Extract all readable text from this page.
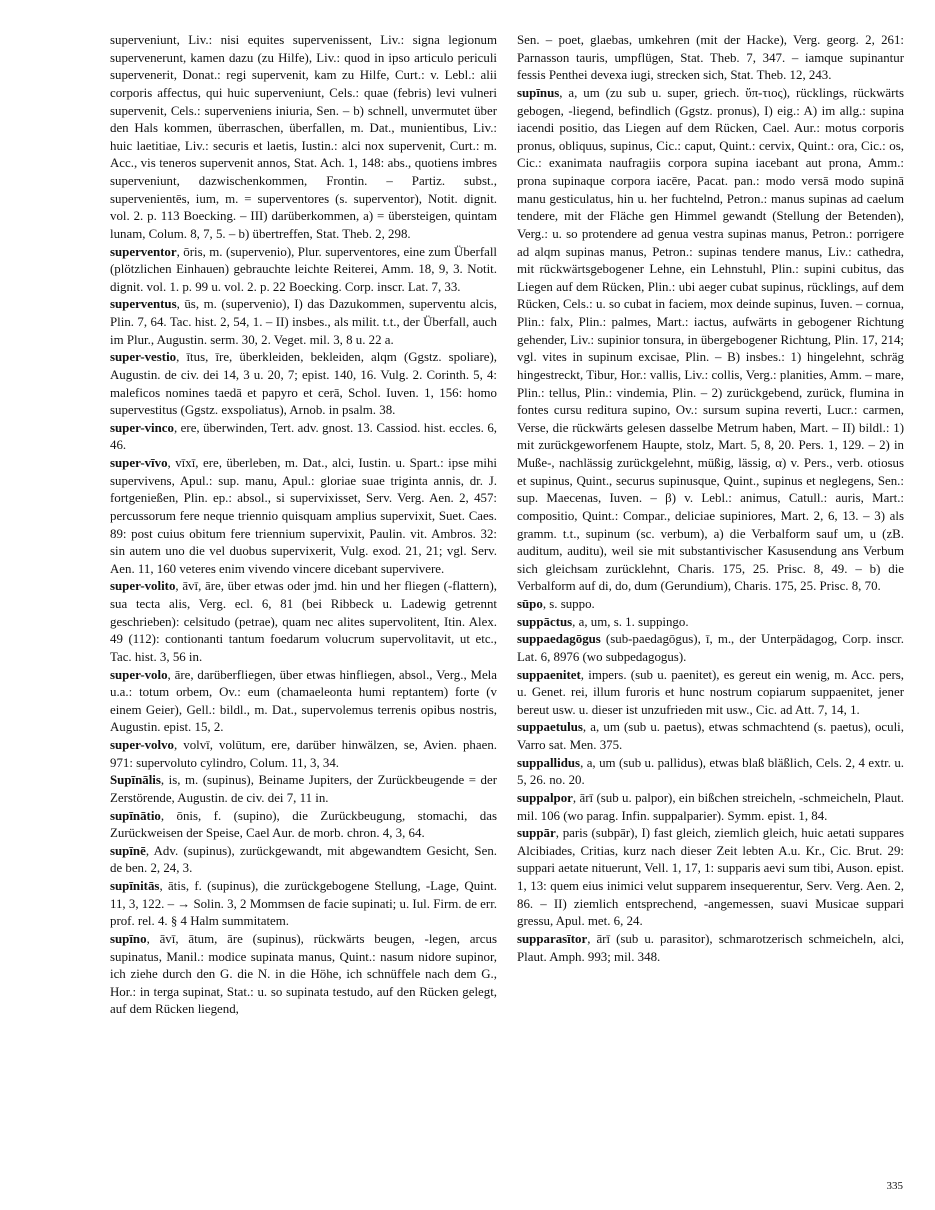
superveniunt, Liv.: nisi equites supervenissent, Liv.: signa legionum supervenerunt, kamen dazu (zu Hilfe), Liv.: quod in ipso articulo periculi supervenerit, Donat.: regi supervenit, kam zu Hilfe, Curt.: v. Lebl.: alii corporis affectus, qui huic superveniunt, Cels.: quae (febris) levi vulneri supervenit, Cels.: superveniens iniuria, Sen. – b) schnell, unvermutet über den Hals kommen, überraschen, überfallen, m. Dat., munientibus, Liv.: huic laetitiae, Liv.: securis et laetis, Iustin.: alci nox supervenit, Curt.: m. Acc., vis teneros supervenit annos, Stat. Ach. 1, 148: abs., quotiens imbres superveniunt, dazwischenkommen, Frontin. – Partiz. subst., supervenientēs, ium, m. = superventores (s. superventor), Notit. dignit. vol. 2. p. 113 Boecking. – III) darüberkommen, a) = übersteigen, quintam lunam, Colum. 8, 7, 5. – b) übertreffen, Stat. Theb. 2, 298.

superventor, ōris, m. (supervenio), Plur. superventores, eine zum Überfall (plötzlichen Einhauen) gebrauchte leichte Reiterei, Amm. 18, 9, 3. Notit. dignit. vol. 1. p. 99 u. vol. 2. p. 22 Boecking. Corp. inscr. Lat. 7, 33.

superventus, ūs, m. (supervenio), I) das Dazukommen, superventu alcis, Plin. 7, 64. Tac. hist. 2, 54, 1. – II) insbes., als milit. t.t., der Überfall, auch im Plur., Augustin. serm. 30, 2. Veget. mil. 3, 8 u. 22 a.

super-vestio, ītus, īre, überkleiden, bekleiden, alqm (Ggstz. spoliare), Augustin. de civ. dei 14, 3 u. 20, 7; epist. 140, 16. Vulg. 2. Corinth. 5, 4: maleficos nomines taedā et papyro et cerā, Schol. Iuven. 1, 156: homo supervestitus (Ggstz. exspoliatus), Arnob. in psalm. 38.

super-vinco, ere, überwinden, Tert. adv. gnost. 13. Cassiod. hist. eccles. 6, 46.

super-vīvo, vīxī, ere, überleben, m. Dat., alci, Iustin. u. Spart.: ipse mihi supervivens, Apul.: sup. manu, Apul.: gloriae suae triginta annis, dr. J. fortgenießen, Plin. ep.: absol., si supervixisset, Serv. Verg. Aen. 2, 457: percussorum fere neque triennio quisquam amplius supervixit, Suet. Caes. 89: post cuius obitum fere triennium supervixit, Paulin. vit. Ambros. 32: sin autem uno die vel duobus supervixerit, Vulg. exod. 21, 21; vgl. Serv. Aen. 11, 160 veteres enim vivendo vincere dicebant supervivere.

super-volito, āvī, āre, über etwas oder jmd. hin und her fliegen (-flattern), sua tecta alis, Verg. ecl. 6, 81 (bei Ribbeck u. Ladewig getrennt geschrieben): celsitudo (petrae), quam nec alites supervolitent, Itin. Alex. 49 (112): contionanti tantum foedarum volucrum supervolitavit, ut etc., Tac. hist. 3, 56 in.

super-volo, āre, darüberfliegen, über etwas hinfliegen, absol., Verg., Mela u.a.: totum orbem, Ov.: eum (chamaeleonta humi reptantem) forte (v einem Geier), Gell.: bildl., m. Dat., supervolemus terrenis opibus nostris, Augustin. epist. 15, 2.

super-volvo, volvī, volūtum, ere, darüber hinwälzen, se, Avien. phaen. 971: supervoluto cylindro, Colum. 11, 3, 34.

Supīnālis, is, m. (supinus), Beiname Jupiters, der Zurückbeugende = der Zerstörende, Augustin. de civ. dei 7, 11 in.

supīnātio, ōnis, f. (supino), die Zurückbeugung, stomachi, das Zurückweisen der Speise, Cael Aur. de morb. chron. 4, 3, 64.

supīnē, Adv. (supinus), zurückgewandt, mit abgewandtem Gesicht, Sen. de ben. 2, 24, 3.

supīnitās, ātis, f. (supinus), die zurückgebogene Stellung, -Lage, Quint. 11, 3, 122. – → Solin. 3, 2 Mommsen de facie supinati; u. Iul. Firm. de err. prof. rel. 4. § 4 Halm summitatem.

supīno, āvī, ātum, āre (supinus), rückwärts beugen, -legen, arcus supinatus, Manil.: modice supinata manus, Quint.: nasum nidore supinor, ich ziehe durch den G. die N. in die Höhe, ich schnüffele nach dem G., Hor.: in terga supinat, Stat.: u. so supinata testudo, auf den Rücken gelegt, auf dem Rücken liegend,

Sen. – poet, glaebas, umkehren (mit der Hacke), Verg. georg. 2, 261: Parnasson tauris, umpflügen, Stat. Theb. 7, 347. – iamque supinantur fessis Penthei devexa iugi, strecken sich, Stat. Theb. 12, 243.

supīnus, a, um (zu sub u. super, griech. ὕπ-τιος), rücklings, rückwärts gebogen, -liegend, befindlich (Ggstz. pronus), I) eig.: A) im allg.: supina iacendi positio, das Liegen auf dem Rücken, Cael. Aur.: motus corporis pronus, obliquus, supinus, Cic.: caput, Quint.: cervix, Quint.: ora, Cic.: os, Cic.: exanimata naufragiis corpora supina iacebant aut prona, Amm.: prona supinaque corpora iacēre, Pacat. pan.: modo versā modo supinā manu gesticulatus, hin u. her fuchtelnd, Petron.: manus supinas ad caelum tendere, mit der Fläche gen Himmel gewandt (Stellung der Betenden), Verg.: u. so protendere ad genua vestra supinas manus, Petron.: porrigere ad alqm supinas manus, Petron.: supinas tendere manus, Liv.: cathedra, mit rückwärtsgebogener Lehne, ein Lehnstuhl, Plin.: supini cubitus, das Liegen auf dem Rücken, Plin.: ubi aeger cubat supinus, rücklings, auf dem Rücken, Cels.: u. so cubat in faciem, mox deinde supinus, Iuven. – cornua, Plin.: falx, Plin.: palmes, Mart.: iactus, aufwärts in gebogener Richtung gehender, Liv.: supinior tonsura, in übergebogener Richtung, Plin. 17, 214; vgl. vites in supinum excisae, Plin. – B) insbes.: 1) hingelehnt, schräg hingestreckt, Tibur, Hor.: vallis, Liv.: collis, Verg.: planities, Amm. – mare, Plin.: tellus, Plin.: vindemia, Plin. – 2) zurückgebend, zurück, flumina in fontes cursu reditura supino, Ov.: sursum supina reverti, Lucr.: carmen, Verse, die rückwärts gelesen dasselbe Metrum haben, Mart. – II) bildl.: 1) mit zurückgeworfenem Haupte, stolz, Mart. 5, 8, 20. Pers. 1, 129. – 2) in Muße-, nachlässig zurückgelehnt, müßig, lässig, α) v. Pers., verb. otiosus et supinus, Quint., securus supinusque, Quint., supinus et neglegens, Sen.: sup. Maecenas, Iuven. – β) v. Lebl.: animus, Catull.: auris, Mart.: compositio, Quint.: Compar., deliciae supiniores, Mart. 2, 6, 13. – 3) als gramm. t.t., supinum (sc. verbum), a) die Verbalform sauf um, u (zB. auditum, auditu), weil sie mit substantivischer Kasusendung ans Verbum sich gleichsam zurücklehnt, Charis. 175, 25. Prisc. 8, 49. – b) die Verbalform auf di, do, dum (Gerundium), Charis. 175, 25. Prisc. 8, 70.

sūpo, s. suppo.

suppāctus, a, um, s. 1. suppingo.

suppaedagōgus (sub-paedagōgus), ī, m., der Unterpädagog, Corp. inscr. Lat. 6, 8976 (wo subpedagogus).

suppaenitet, impers. (sub u. paenitet), es gereut ein wenig, m. Acc. pers, u. Genet. rei, illum furoris et hunc nostrum copiarum suppaenitet, jener bereut usw. u. dieser ist unzufrieden mit usw., Cic. ad Att. 7, 14, 1.

suppaetulus, a, um (sub u. paetus), etwas schmachtend (s. paetus), oculi, Varro sat. Men. 375.

suppallidus, a, um (sub u. pallidus), etwas blaß bläßlich, Cels. 2, 4 extr. u. 5, 26. no. 20.

suppalpor, ārī (sub u. palpor), ein bißchen streicheln, -schmeicheln, Plaut. mil. 106 (wo parag. Infin. suppalparier). Symm. epist. 1, 84.

suppār, paris (subpār), I) fast gleich, ziemlich gleich, huic aetati suppares Alcibiades, Critias, kurz nach dieser Zeit lebten A.u. Kr., Cic. Brut. 29: suppari aetate nituerunt, Vell. 1, 17, 1: supparis aevi sum tibi, Auson. epist. 1, 13: quem eius inimici velut supparem insequerentur, Serv. Verg. Aen. 2, 86. – II) ziemlich entsprechend, -angemessen, suavi Musicae suppari gressu, Apul. met. 6, 24.

supparasītor, ārī (sub u. parasitor), schmarotzerisch schmeicheln, alci, Plaut. Amph. 993; mil. 348.

335
